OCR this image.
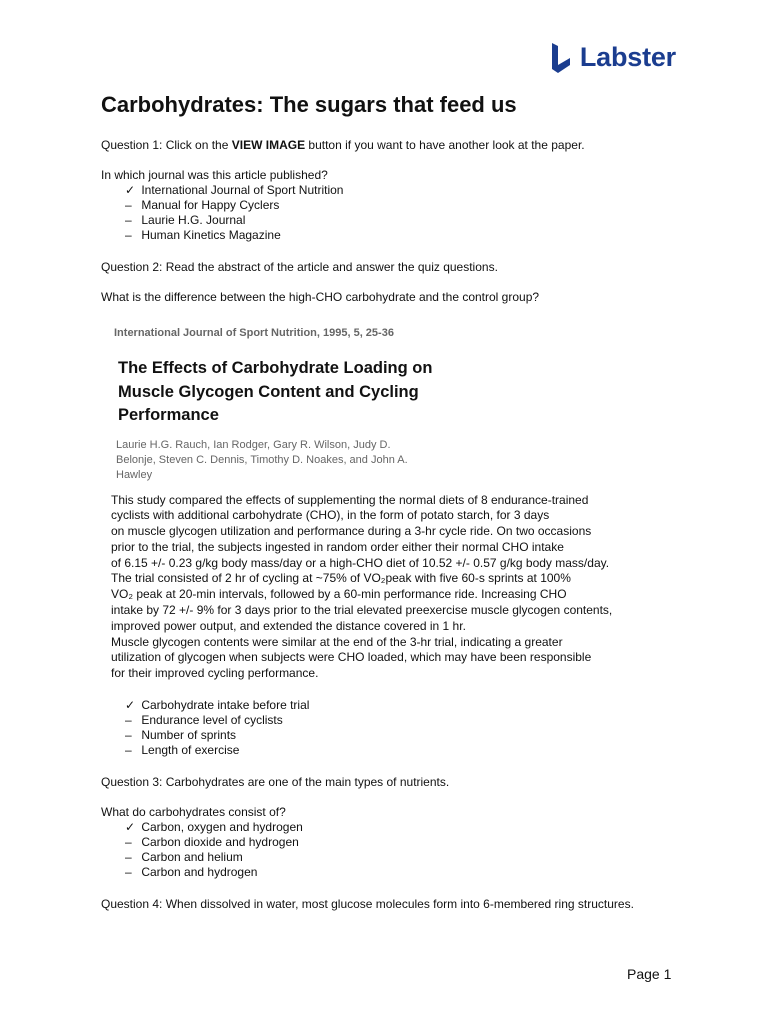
Labster
Carbohydrates: The sugars that feed us

Question 1: Click on the VIEW IMAGE button if you want to have another look at the paper.

In which journal was this article published?

✓ International Journal of Sport Nutrition
– Manual for Happy Cyclers
– Laurie H.G. Journal
– Human Kinetics Magazine

Question 2: Read the abstract of the article and answer the quiz questions.

What is the difference between the high-CHO carbohydrate and the control group?

International Journal of Sport Nutrition, 1995, 5, 25-36
The Effects of Carbohydrate Loading on Muscle Glycogen Content and Cycling Performance
Laurie H.G. Rauch, Ian Rodger, Gary R. Wilson, Judy D. Belonje, Steven C. Dennis, Timothy D. Noakes, and John A. Hawley
This study compared the effects of supplementing the normal diets of 8 endurance-trained
cyclists with additional carbohydrate (CHO), in the form of potato starch, for 3 days
on muscle glycogen utilization and performance during a 3-hr cycle ride. On two occasions
prior to the trial, the subjects ingested in random order either their normal CHO intake
of 6.15 +/- 0.23 g/kg body mass/day or a high-CHO diet of 10.52 +/- 0.57 g/kg body mass/day.
The trial consisted of 2 hr of cycling at ~75% of VO₂peak with five 60-s sprints at 100%
VO₂ peak at 20-min intervals, followed by a 60-min performance ride. Increasing CHO
intake by 72 +/- 9% for 3 days prior to the trial elevated preexercise muscle glycogen contents,
improved power output, and extended the distance covered in 1 hr.
Muscle glycogen contents were similar at the end of the 3-hr trial, indicating a greater
utilization of glycogen when subjects were CHO loaded, which may have been responsible
for their improved cycling performance.
✓ Carbohydrate intake before trial
– Endurance level of cyclists
– Number of sprints
– Length of exercise

Question 3: Carbohydrates are one of the main types of nutrients.

What do carbohydrates consist of?

✓ Carbon, oxygen and hydrogen
– Carbon dioxide and hydrogen
– Carbon and helium
– Carbon and hydrogen

Question 4: When dissolved in water, most glucose molecules form into 6-membered ring structures.

Page 1
